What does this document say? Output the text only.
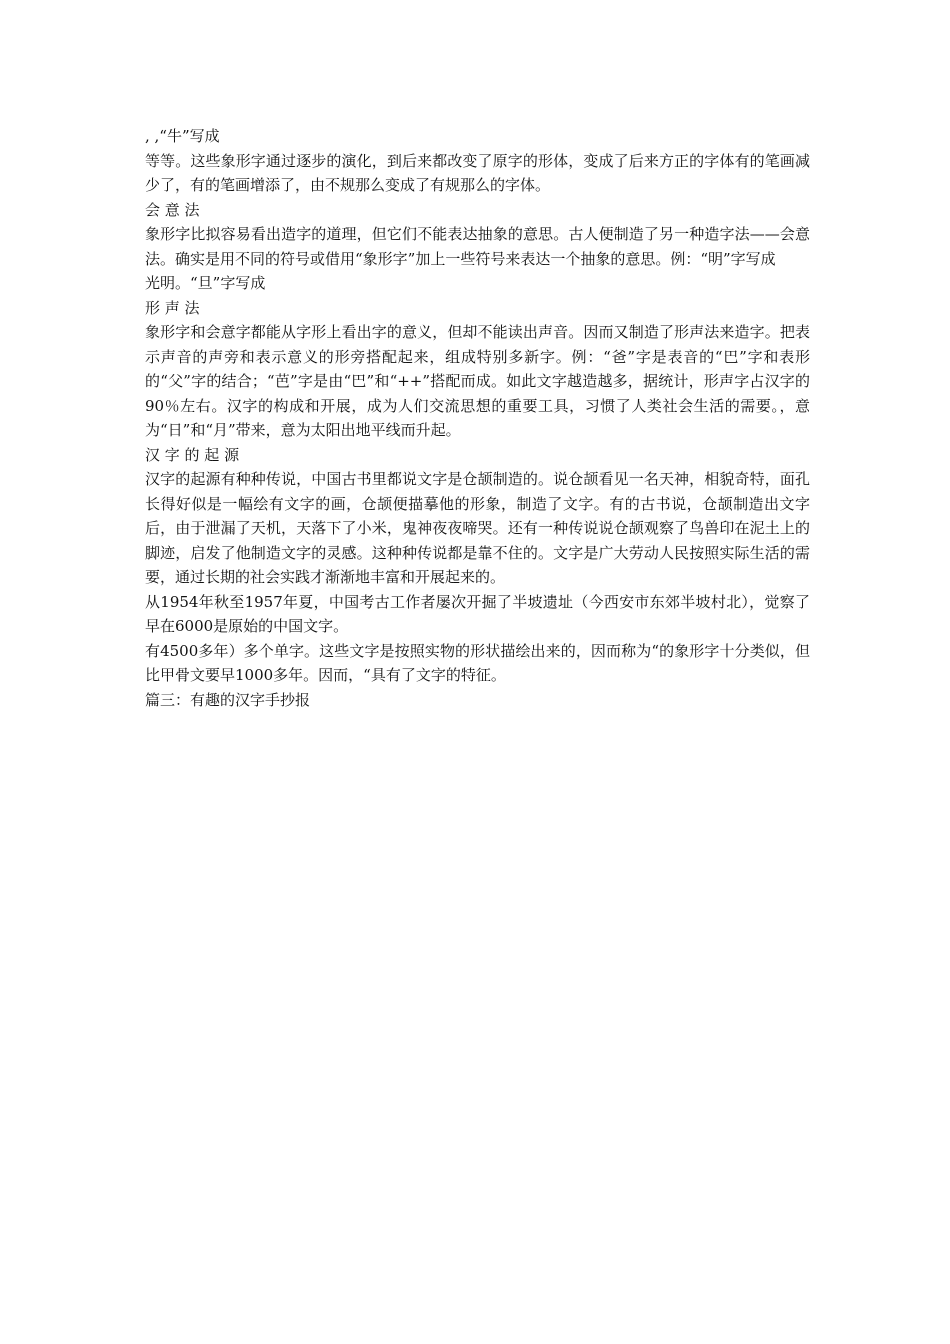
, ,“牛”写成

等等。这些象形字通过逐步的演化，到后来都改变了原字的形体，变成了后来方正的字体有的笔画减少了，有的笔画增添了，由不规那么变成了有规那么的字体。

会 意 法

象形字比拟容易看出造字的道理，但它们不能表达抽象的意思。古人便制造了另一种造字法——会意法。确实是用不同的符号或借用“象形字”加上一些符号来表达一个抽象的意思。例：“明”字写成

光明。“旦”字写成

形 声 法

象形字和会意字都能从字形上看出字的意义，但却不能读出声音。因而又制造了形声法来造字。把表示声音的声旁和表示意义的形旁搭配起来，组成特别多新字。例：“爸”字是表音的“巴”字和表形的“父”字的结合；“芭”字是由“巴”和“++”搭配而成。如此文字越造越多，据统计，形声字占汉字的90％左右。汉字的构成和开展，成为人们交流思想的重要工具，习惯了人类社会生活的需要。，意为“日”和“月”带来，意为太阳出地平线而升起。

汉 字 的 起 源

汉字的起源有种种传说，中国古书里都说文字是仓颉制造的。说仓颉看见一名天神，相貌奇特，面孔长得好似是一幅绘有文字的画，仓颉便描摹他的形象，制造了文字。有的古书说，仓颉制造出文字后，由于泄漏了天机，天落下了小米，鬼神夜夜啼哭。还有一种传说说仓颉观察了鸟兽印在泥土上的脚迹，启发了他制造文字的灵感。这种种传说都是靠不住的。文字是广大劳动人民按照实际生活的需要，通过长期的社会实践才渐渐地丰富和开展起来的。

从1954年秋至1957年夏，中国考古工作者屡次开掘了半坡遗址（今西安市东郊半坡村北），觉察了早在6000是原始的中国文字。

有4500多年）多个单字。这些文字是按照实物的形状描绘出来的，因而称为“的象形字十分类似，但比甲骨文要早1000多年。因而，“具有了文字的特征。

篇三：有趣的汉字手抄报
